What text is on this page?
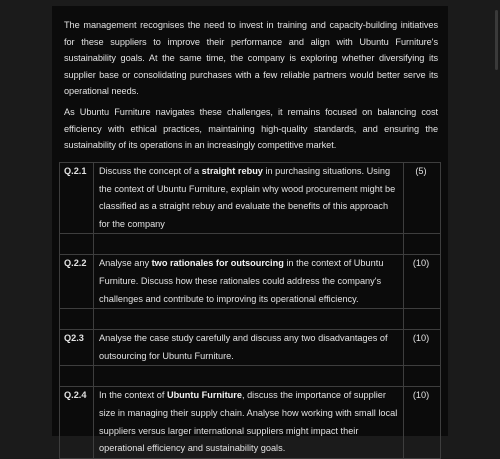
The management recognises the need to invest in training and capacity-building initiatives for these suppliers to improve their performance and align with Ubuntu Furniture's sustainability goals. At the same time, the company is exploring whether diversifying its supplier base or consolidating purchases with a few reliable partners would better serve its operational needs.
As Ubuntu Furniture navigates these challenges, it remains focused on balancing cost efficiency with ethical practices, maintaining high-quality standards, and ensuring the sustainability of its operations in an increasingly competitive market.
Q.2.1	Discuss the concept of a straight rebuy in purchasing situations. Using the context of Ubuntu Furniture, explain why wood procurement might be classified as a straight rebuy and evaluate the benefits of this approach for the company	(5)

Q.2.2	Analyse any two rationales for outsourcing in the context of Ubuntu Furniture. Discuss how these rationales could address the company's challenges and contribute to improving its operational efficiency.	(10)

Q2.3	Analyse the case study carefully and discuss any two disadvantages of outsourcing for Ubuntu Furniture.	(10)

Q.2.4	In the context of Ubuntu Furniture, discuss the importance of supplier size in managing their supply chain. Analyse how working with small local suppliers versus larger international suppliers might impact their operational efficiency and sustainability goals.	(10)
